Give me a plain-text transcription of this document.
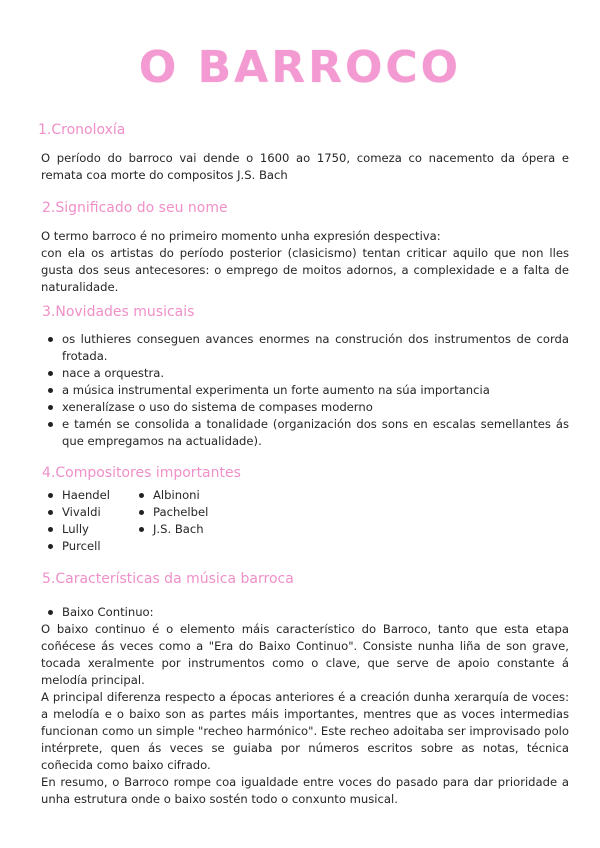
O BARROCO
1.Cronoloxía
O período do barroco vai dende o 1600 ao 1750, comeza co nacemento da ópera e remata coa morte do compositos J.S. Bach
2.Significado do seu nome
O termo barroco é no primeiro momento unha expresión despectiva:
con ela os artistas do período posterior (clasicismo) tentan criticar aquilo que non lles gusta dos seus antecesores: o emprego de moitos adornos, a complexidade e a falta de naturalidade.
3.Novidades musicais
os luthieres conseguen avances enormes na construción dos instrumentos de corda frotada.
nace a orquestra.
a música instrumental experimenta un forte aumento na súa importancia
xeneralízase o uso do sistema de compases moderno
e tamén se consolida a tonalidade (organización dos sons en escalas semellantes ás que empregamos na actualidade).
4.Compositores importantes
Haendel
Vivaldi
Lully
Purcell
Albinoni
Pachelbel
J.S. Bach
5.Características da música barroca
Baixo Continuo:
O baixo continuo é o elemento máis característico do Barroco, tanto que esta etapa coñécese ás veces como a "Era do Baixo Continuo". Consiste nunha liña de son grave, tocada xeralmente por instrumentos como o clave, que serve de apoio constante á melodía principal.
A principal diferenza respecto a épocas anteriores é a creación dunha xerarquía de voces: a melodía e o baixo son as partes máis importantes, mentres que as voces intermedias funcionan como un simple "recheo harmónico". Este recheo adoitaba ser improvisado polo intérprete, quen ás veces se guiaba por números escritos sobre as notas, técnica coñecida como baixo cifrado.
En resumo, o Barroco rompe coa igualdade entre voces do pasado para dar prioridade a unha estrutura onde o baixo sostén todo o conxunto musical.
